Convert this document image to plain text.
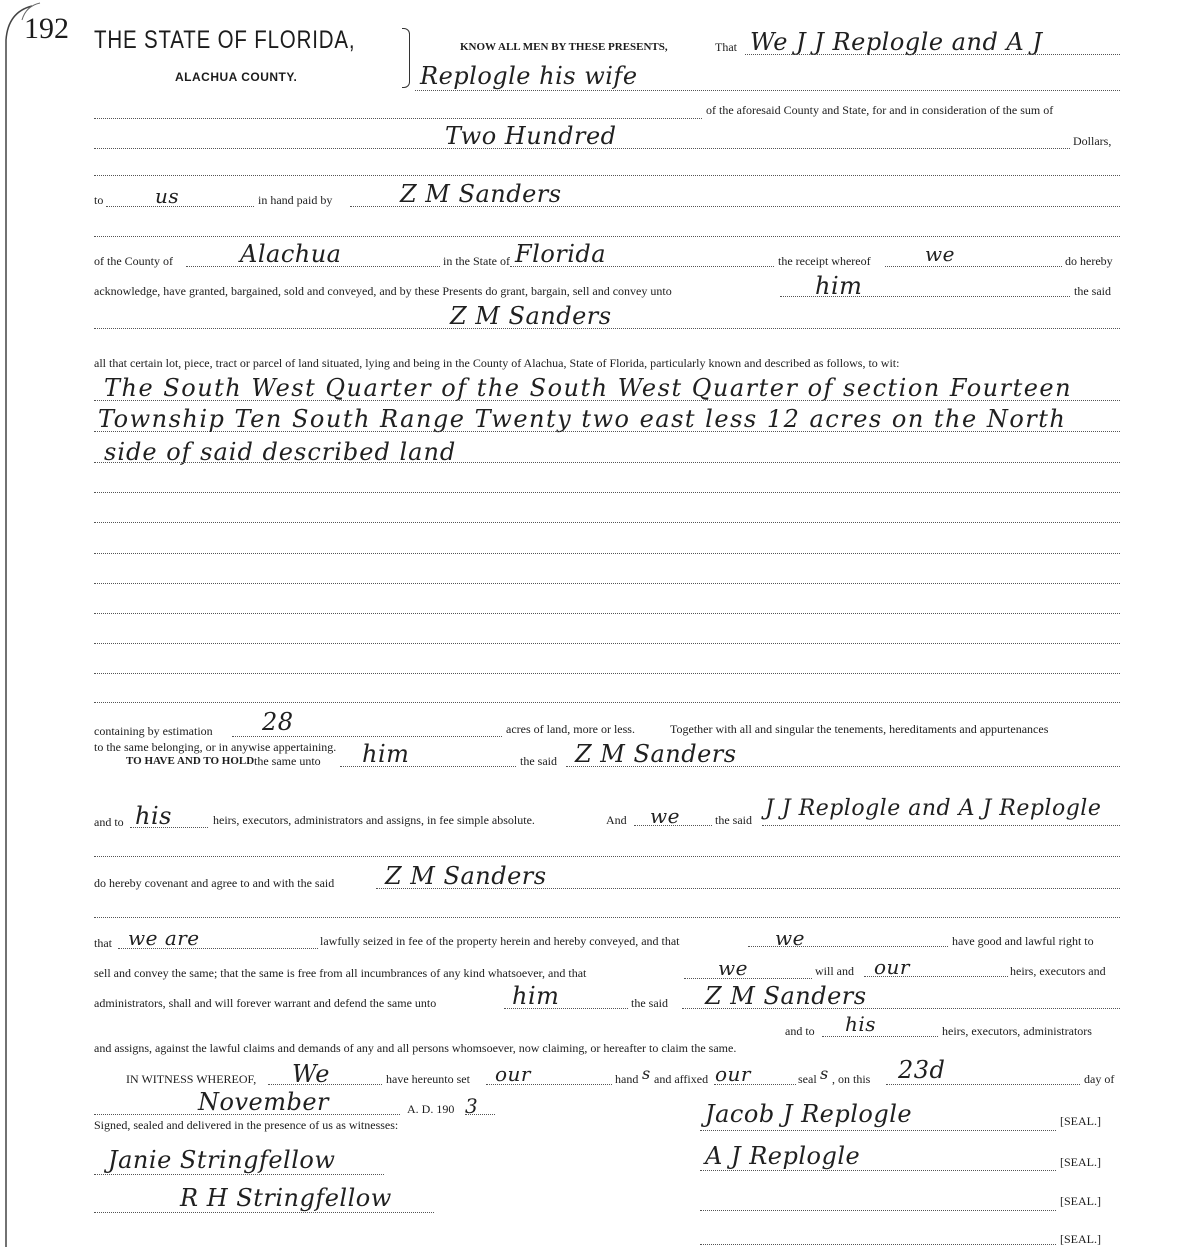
192 THE STATE OF FLORIDA,
ALACHUA COUNTY.
KNOW ALL MEN BY THESE PRESENTS,	That We J J Replogle and A J
Replogle his wife
of the aforesaid County and State, for and in consideration of the sum of
Two Hundred	Dollars,
to	us	in hand paid by	Z M Sanders
of the County of	Alachua	in the State of Florida	the receipt whereof	we	do hereby
acknowledge, have granted, bargained, sold and conveyed, and by these Presents do grant, bargain, sell and convey unto	him	the said
Z M Sanders
all that certain lot, piece, tract or parcel of land situated, lying and being in the County of Alachua, State of Florida, particularly known and described as follows, to wit:
The South West Quarter of the South West Quarter of section Fourteen
Township Ten South Range Twenty two east less 12 acres on the North
side of said described land
containing by estimation 28	acres of land, more or less.	Together with all and singular the tenements, hereditaments and appurtenances
to the same belonging, or in anywise appertaining.
TO HAVE AND TO HOLD the same unto him	the said Z M Sanders
and to his	heirs, executors, administrators and assigns, in fee simple absolute.	And we	the said J J Replogle and A J Replogle
do hereby covenant and agree to and with the said Z M Sanders
that we are	lawfully seized in fee of the property herein and hereby conveyed, and that	we	have good and lawful right to
sell and convey the same; that the same is free from all incumbrances of any kind whatsoever, and that	we	will and our	heirs, executors and
administrators, shall and will forever warrant and defend the same unto	him	the said Z M Sanders
and to his	heirs, executors, administrators
and assigns, against the lawful claims and demands of any and all persons whomsoever, now claiming, or hereafter to claim the same.
IN WITNESS WHEREOF, We	have hereunto set our	hand s and affixed our	seal s , on this 23d	day of
November	A. D. 190 3
Signed, sealed and delivered in the presence of us as witnesses:
Janie Stringfellow
R H Stringfellow
Jacob J Replogle	[SEAL.]
A J Replogle	[SEAL.]
[SEAL.]
[SEAL.]
